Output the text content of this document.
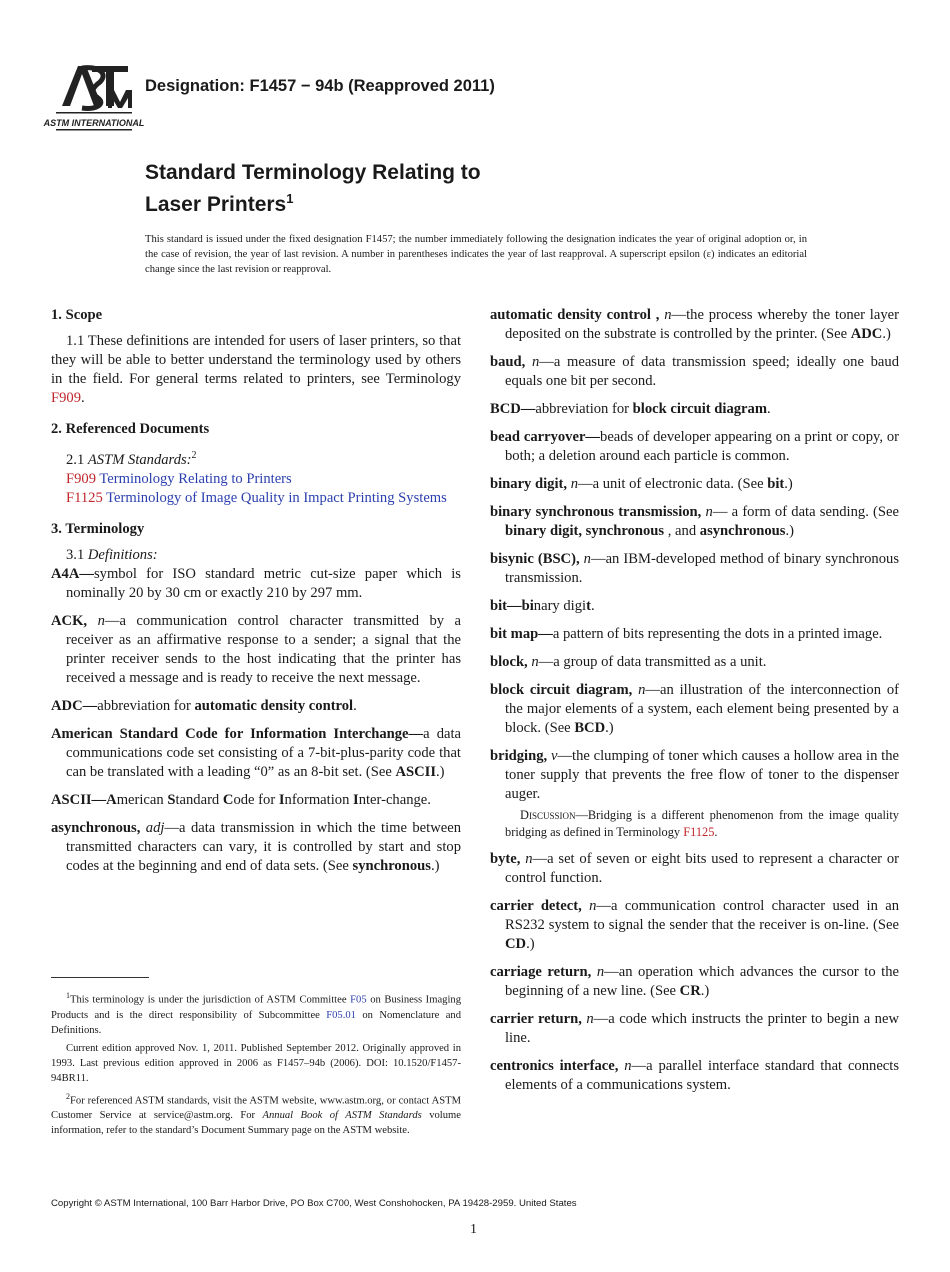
ASTM INTERNATIONAL
Designation: F1457 − 94b (Reapproved 2011)
Standard Terminology Relating to
Laser Printers$^1$
This standard is issued under the fixed designation F1457; the number immediately following the designation indicates the year of original adoption or, in the case of revision, the year of last revision. A number in parentheses indicates the year of last reapproval. A superscript epsilon (ε) indicates an editorial change since the last revision or reapproval.
1. Scope
1.1 These definitions are intended for users of laser printers, so that they will be able to better understand the terminology used by others in the field. For general terms related to printers, see Terminology F909.
2. Referenced Documents
2.1 ASTM Standards:$^2$
F909 Terminology Relating to Printers
F1125 Terminology of Image Quality in Impact Printing Systems
3. Terminology
3.1 Definitions:
A4A—symbol for ISO standard metric cut-size paper which is nominally 20 by 30 cm or exactly 210 by 297 mm.
ACK, n—a communication control character transmitted by a receiver as an affirmative response to a sender; a signal that the printer receiver sends to the host indicating that the printer has received a message and is ready to receive the next message.
ADC—abbreviation for automatic density control.
American Standard Code for Information Interchange—a data communications code set consisting of a 7-bit-plus-parity code that can be translated with a leading “0” as an 8-bit set. (See ASCII.)
ASCII—American Standard Code for Information Inter-change.
asynchronous, adj—a data transmission in which the time between transmitted characters can vary, it is controlled by start and stop codes at the beginning and end of data sets. (See synchronous.)

$^1$This terminology is under the jurisdiction of ASTM Committee F05 on Business Imaging Products and is the direct responsibility of Subcommittee F05.01 on Nomenclature and Definitions.

Current edition approved Nov. 1, 2011. Published September 2012. Originally approved in 1993. Last previous edition approved in 2006 as F1457–94b (2006). DOI: 10.1520/F1457-94BR11.

$^2$For referenced ASTM standards, visit the ASTM website, www.astm.org, or contact ASTM Customer Service at service@astm.org. For Annual Book of ASTM Standards volume information, refer to the standard’s Document Summary page on the ASTM website.

automatic density control , n—the process whereby the toner layer deposited on the substrate is controlled by the printer. (See ADC.)
baud, n—a measure of data transmission speed; ideally one baud equals one bit per second.
BCD—abbreviation for block circuit diagram.
bead carryover—beads of developer appearing on a print or copy, or both; a deletion around each particle is common.
binary digit, n—a unit of electronic data. (See bit.)
binary synchronous transmission, n— a form of data sending. (See binary digit, synchronous , and asynchronous.)
bisynic (BSC), n—an IBM-developed method of binary synchronous transmission.
bit—binary digit.
bit map—a pattern of bits representing the dots in a printed image.
block, n—a group of data transmitted as a unit.
block circuit diagram, n—an illustration of the interconnection of the major elements of a system, each element being presented by a block. (See BCD.)
bridging, v—the clumping of toner which causes a hollow area in the toner supply that prevents the free flow of toner to the dispenser auger.
Discussion—Bridging is a different phenomenon from the image quality bridging as defined in Terminology F1125.
byte, n—a set of seven or eight bits used to represent a character or control function.
carrier detect, n—a communication control character used in an RS232 system to signal the sender that the receiver is on-line. (See CD.)
carriage return, n—an operation which advances the cursor to the beginning of a new line. (See CR.)
carrier return, n—a code which instructs the printer to begin a new line.
centronics interface, n—a parallel interface standard that connects elements of a communications system.
Copyright © ASTM International, 100 Barr Harbor Drive, PO Box C700, West Conshohocken, PA 19428-2959. United States
1
